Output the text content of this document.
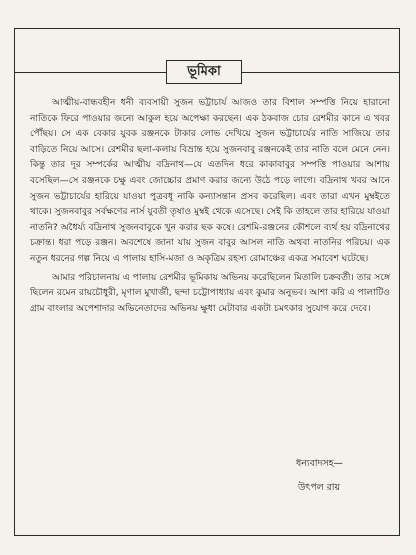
ভূমিকা

আত্মীয়-বান্ধবহীন ধনী ব্যবসায়ী সুজন ভট্টাচার্য আজও তার বিশাল সম্পত্তি নিয়ে হারানো নাতিকে ফিরে পাওয়ার জন্যে আকুল হয়ে অপেক্ষা করছেন। এক ঠকবাজ চোর রেশমীর কানে এ খবর পৌঁছয়। সে এক বেকার যুবক রঞ্জনকে টাকার লোভ দেখিয়ে সুজন ভট্টাচার্যের নাতি সাজিয়ে তার বাড়িতে নিয়ে আসে। রেশমীর ছলা-কলায় বিভ্রান্ত হয়ে সুজনবাবু রঞ্জনকেই তার নাতি বলে মেনে নেন। কিন্তু তার দূর সম্পর্কের আত্মীয় বদ্রিনাথ—যে এতদিন ধরে কাকাবাবুর সম্পত্তি পাওয়ার আশায় বসেছিল—সে রঞ্জনকে চক্ষু এবং জোচ্চোর প্রমাণ করার জন্যে উঠে পড়ে লাগে। বদ্রিনাথ খবর আনে সুজন ভট্টাচার্যের হারিয়ে যাওয়া পুত্রবধূ নাকি কন্যাসন্তান প্রসব করেছিল। এবং তারা এখন মুম্বইতে থাকে। সুজনবাবুর সর্বক্ষণের নার্স যুবতী তৃষাও মুম্বই থেকে এসেছে। সেই কি তাহলে তার হারিয়ে যাওয়া নাতনি? অধৈর্য্য বদ্রিনাথ সুজনবাবুকে খুন করার ছক কষে। রেশমি-রঞ্জনের কৌশলে ব্যর্থ হয় বদ্রিনাথের চক্রান্ত। ধরা পড়ে রঞ্জন। অবশেষে জানা যায় সুজন বাবুর আসল নাতি অথবা নাতনির পরিচয়। এক নতুন ধরনের গল্প নিয়ে এ পালায় হাসি-মজা ও অকৃত্রিম রহস্য রোমাঞ্চের একত্র সমাবেশ ঘটেছে।

আমার পরিচালনায় এ পালায় রেশমীর ভূমিকায় অভিনয় করেছিলেন মিতালি চক্রবর্তী। তার সঙ্গে ছিলেন রমেন রায়চৌধুরী, মৃণাল মুখার্জী, ছন্দা চট্টোপাধ্যায় এবং কুমার অনুভব। আশা করি এ পালাটিও গ্রাম বাংলার অপেশাদার অভিনেতাদের অভিনয় ক্ষুধা মেটাবার একটা চমৎকার সুযোগ করে দেবে।

ধন্যবাদসহ—
উৎপল রায়
